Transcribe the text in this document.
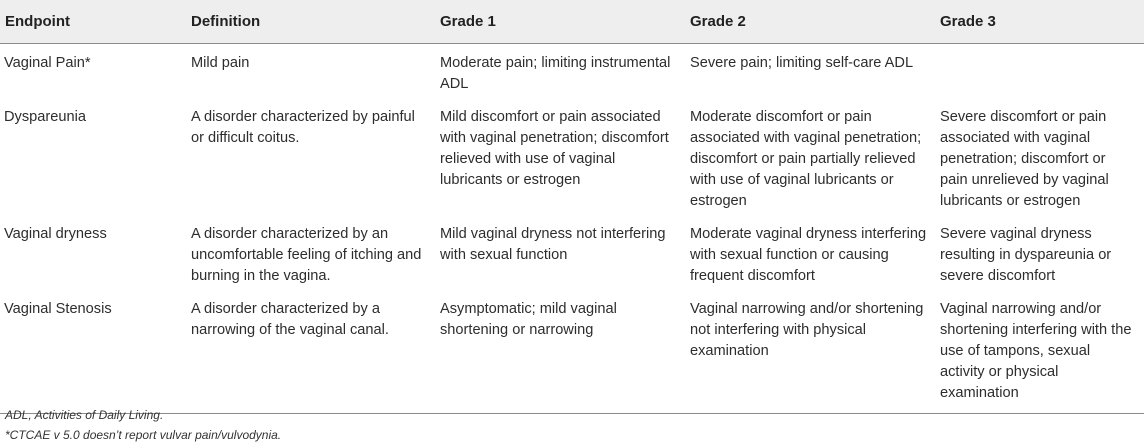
Endpoint	Definition	Grade 1	Grade 2	Grade 3
Vaginal Pain*	Mild pain	Moderate pain; limiting instrumental ADL	Severe pain; limiting self-care ADL	
Dyspareunia	A disorder characterized by painful or difficult coitus.	Mild discomfort or pain associated with vaginal penetration; discomfort relieved with use of vaginal lubricants or estrogen	Moderate discomfort or pain associated with vaginal penetration; discomfort or pain partially relieved with use of vaginal lubricants or estrogen	Severe discomfort or pain associated with vaginal penetration; discomfort or pain unrelieved by vaginal lubricants or estrogen
Vaginal dryness	A disorder characterized by an uncomfortable feeling of itching and burning in the vagina.	Mild vaginal dryness not interfering with sexual function	Moderate vaginal dryness interfering with sexual function or causing frequent discomfort	Severe vaginal dryness resulting in dyspareunia or severe discomfort
Vaginal Stenosis	A disorder characterized by a narrowing of the vaginal canal.	Asymptomatic; mild vaginal shortening or narrowing	Vaginal narrowing and/or shortening not interfering with physical examination	Vaginal narrowing and/or shortening interfering with the use of tampons, sexual activity or physical examination
ADL, Activities of Daily Living.
*CTCAE v 5.0 doesn’t report vulvar pain/vulvodynia.
